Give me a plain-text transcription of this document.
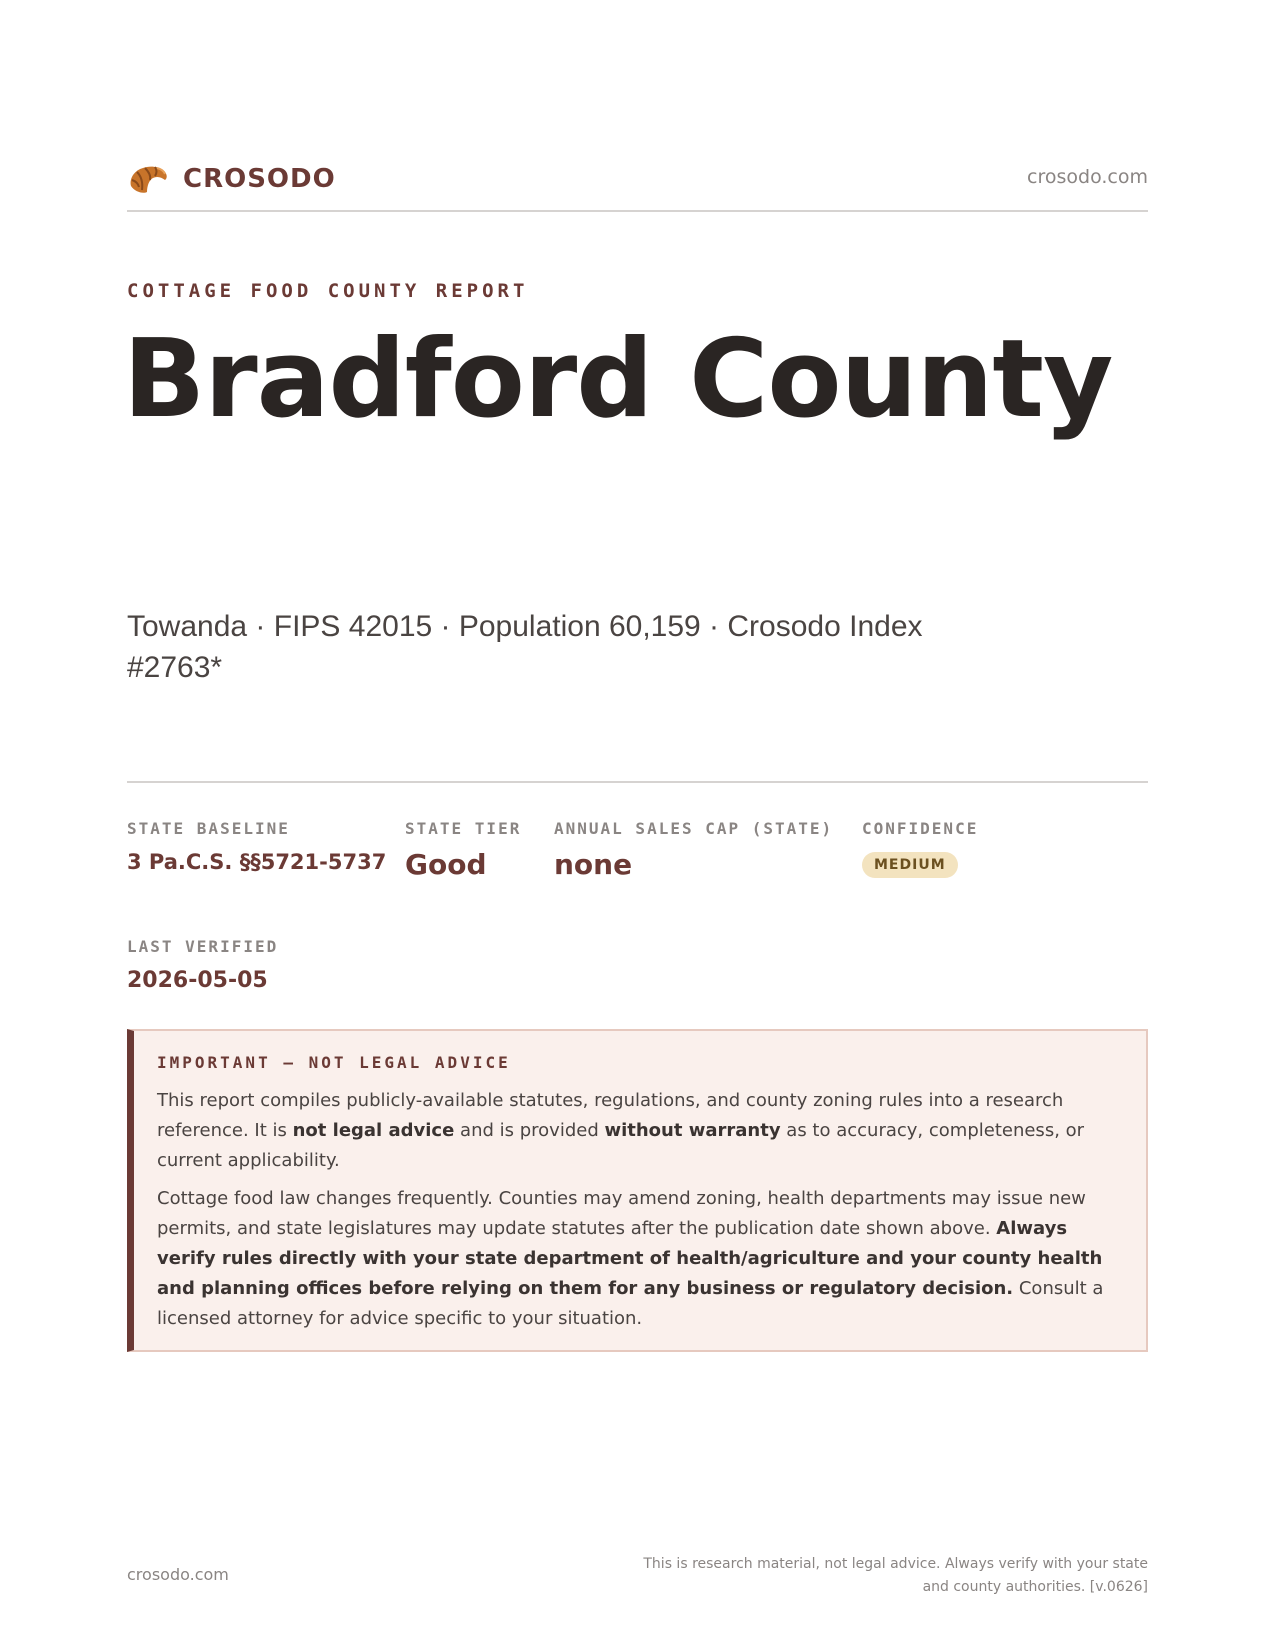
CROSODO	crosodo.com
COTTAGE FOOD COUNTY REPORT
Bradford County
Towanda · FIPS 42015 · Population 60,159 · Crosodo Index #2763*
STATE BASELINE
3 Pa.C.S. §§5721-5737
STATE TIER
Good
ANNUAL SALES CAP (STATE)
none
CONFIDENCE
MEDIUM
LAST VERIFIED
2026-05-05
IMPORTANT — NOT LEGAL ADVICE

This report compiles publicly-available statutes, regulations, and county zoning rules into a research reference. It is not legal advice and is provided without warranty as to accuracy, completeness, or current applicability.

Cottage food law changes frequently. Counties may amend zoning, health departments may issue new permits, and state legislatures may update statutes after the publication date shown above. Always verify rules directly with your state department of health/agriculture and your county health and planning offices before relying on them for any business or regulatory decision. Consult a licensed attorney for advice specific to your situation.

crosodo.com
This is research material, not legal advice. Always verify with your state
and county authorities. [v.0626]
